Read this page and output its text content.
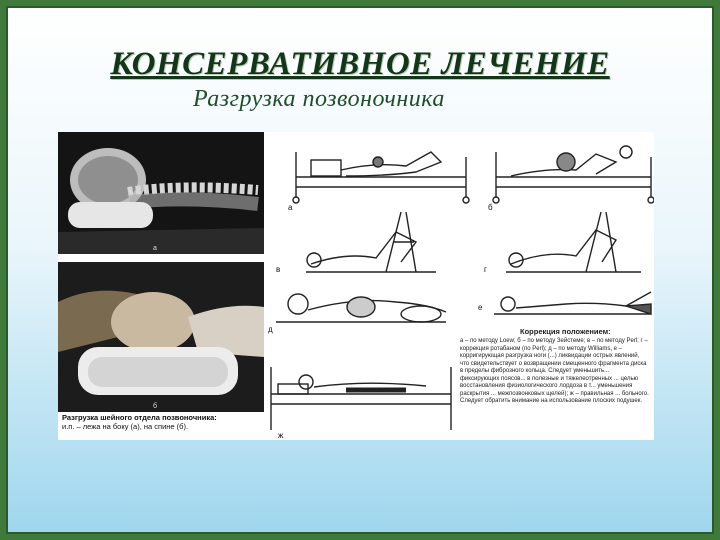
КОНСЕРВАТИВНОЕ ЛЕЧЕНИЕ
Разгрузка позвоночника
а
б
Разгрузка шейного отдела позвоночника:
и.п. – лежа на боку (а), на спине (б).
а	б
в	г
д
е
ж
Коррекция положением:
а – по методу Loew; б – по методу Зейстеме; в – по методу Perl; г – коррекция ротабаном (по Perl); д – по методу Williams, е – корригирующая разгрузка ноги (...) ликвидации острых явлений, что свидетельствует о возвращении смещенного фрагмента диска в пределы фиброзного кольца. Следует уменьшить... фиксирующих поясов... в полезные и тяжелеотренных ... целью восстановления физиологического лордоза в т... уменьшения раскрытия ... межпозвонковых щелей); ж – правильная ... больного. Следует обратить внимание на использование плоских подушек.
